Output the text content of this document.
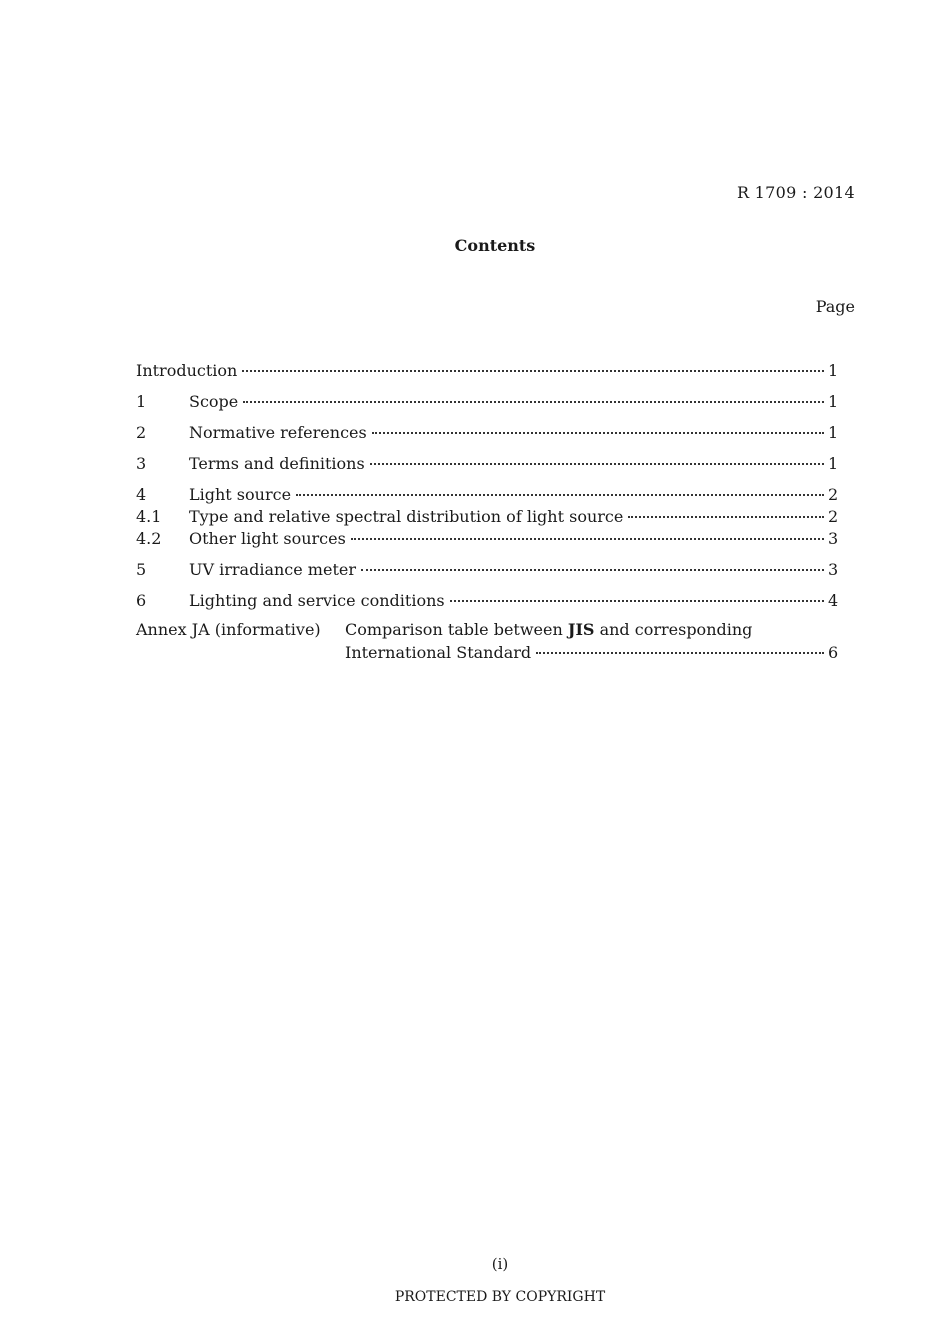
R 1709 : 2014
Contents
Page
Introduction	1
1	Scope	1
2	Normative references	1
3	Terms and definitions	1
4	Light source	2
4.1	Type and relative spectral distribution of light source	2
4.2	Other light sources	3
5	UV irradiance meter	3
6	Lighting and service conditions	4
Annex JA (informative) Comparison table between JIS and corresponding
International Standard	6
(i)
PROTECTED BY COPYRIGHT
